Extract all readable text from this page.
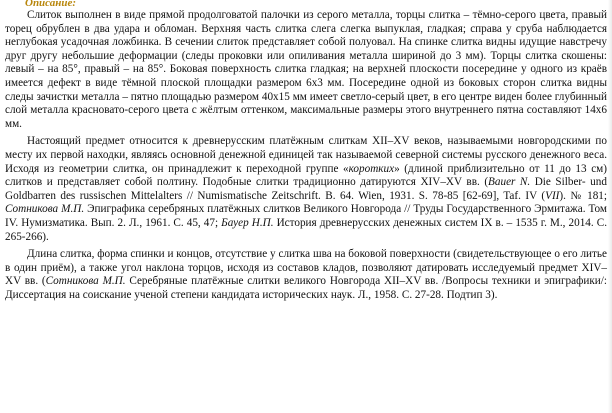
Описание:

Слиток выполнен в виде прямой продолговатой палочки из серого металла, торцы слитка – тёмно-серого цвета, правый торец обрублен в два удара и обломан. Верхняя часть слитка слега слегка выпуклая, гладкая; справа у сруба наблюдается неглубокая усадочная ложбинка. В сечении слиток представляет собой полуовал. На спинке слитка видны идущие навстречу друг другу небольшие деформации (следы проковки или опиливания металла шириной до 3 мм). Торцы слитка скошены: левый – на 85°, правый – на 85°. Боковая поверхность слитка гладкая; на верхней плоскости посередине у одного из краёв имеется дефект в виде тёмной плоской площадки размером 6х3 мм. Посередине одной из боковых сторон слитка видны следы зачистки металла – пятно площадью размером 40х15 мм имеет светло-серый цвет, в его центре виден более глубинный слой металла красновато-серого цвета с жёлтым оттенком, максимальные размеры этого внутреннего пятна составляют 14х6 мм.

Настоящий предмет относится к древнерусским платёжным слиткам XII–XV веков, называемыми новгородскими по месту их первой находки, являясь основной денежной единицей так называемой северной системы русского денежного веса. Исходя из геометрии слитка, он принадлежит к переходной группе «коротких» (длиной приблизительно от 11 до 13 см) слитков и представляет собой полтину. Подобные слитки традиционно датируются XIV–XV вв. (Bauer N. Die Silber- und Goldbarren des russischen Mittelalters // Numismatische Zeitschrift. B. 64. Wien, 1931. S. 78-85 [62-69], Taf. IV (VII). № 181; Сотникова М.П. Эпиграфика серебряных платёжных слитков Великого Новгорода // Труды Государственного Эрмитажа. Том IV. Нумизматика. Вып. 2. Л., 1961. С. 45, 47; Бауер Н.П. История древнерусских денежных систем IX в. – 1535 г. М., 2014. С. 265-266).

Длина слитка, форма спинки и концов, отсутствие у слитка шва на боковой поверхности (свидетельствующее о его литье в один приём), а также угол наклона торцов, исходя из составов кладов, позволяют датировать исследуемый предмет XIV–XV вв. (Сотникова М.П. Серебряные платёжные слитки великого Новгорода XII–XV вв. /Вопросы техники и эпиграфики/: Диссертация на соискание ученой степени кандидата исторических наук. Л., 1958. С. 27-28. Подтип 3).
